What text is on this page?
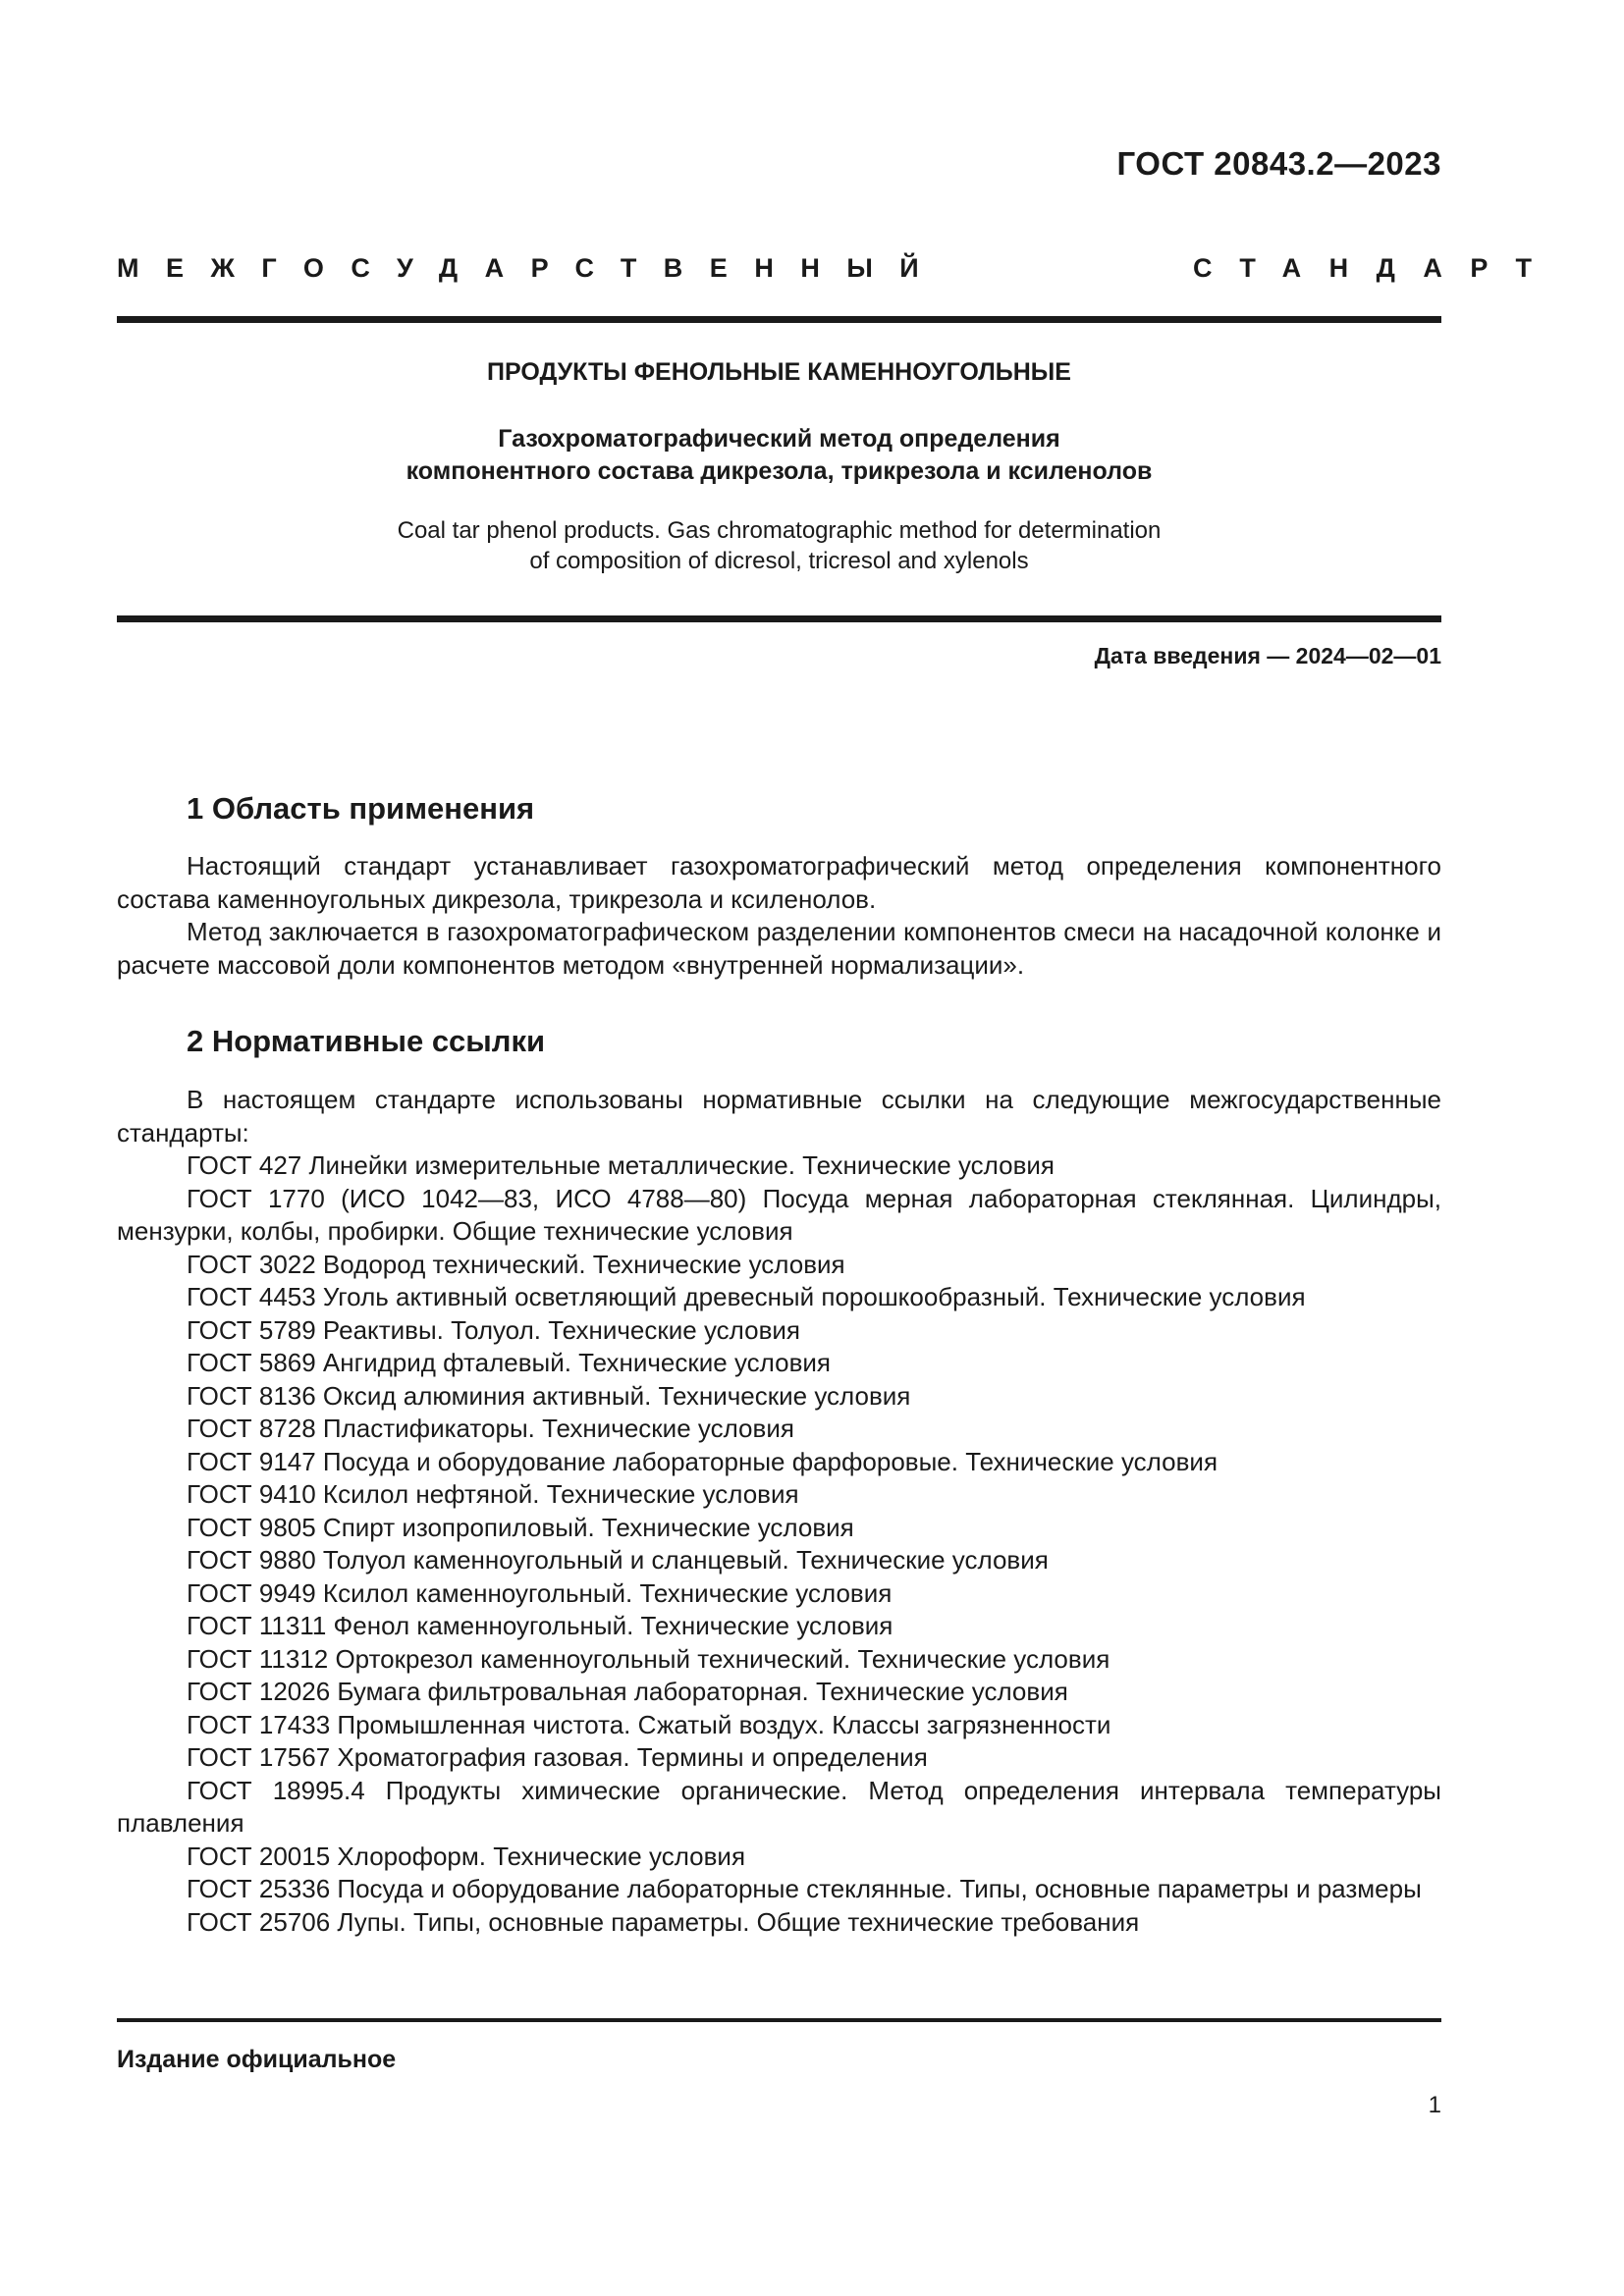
ГОСТ 20843.2—2023
МЕЖГОСУДАРСТВЕННЫЙ	СТАНДАРТ
ПРОДУКТЫ ФЕНОЛЬНЫЕ КАМЕННОУГОЛЬНЫЕ
Газохроматографический метод определения
компонентного состава дикрезола, трикрезола и ксиленолов
Coal tar phenol products. Gas chromatographic method for determination
of composition of dicresol, tricresol and xylenols
Дата введения — 2024—02—01
1 Область применения

Настоящий стандарт устанавливает газохроматографический метод определения компонентного состава каменноугольных дикрезола, трикрезола и ксиленолов.

Метод заключается в газохроматографическом разделении компонентов смеси на насадочной колонке и расчете массовой доли компонентов методом «внутренней нормализации».

2 Нормативные ссылки

В настоящем стандарте использованы нормативные ссылки на следующие межгосударственные стандарты:

ГОСТ 427 Линейки измерительные металлические. Технические условия

ГОСТ 1770 (ИСО 1042—83, ИСО 4788—80) Посуда мерная лабораторная стеклянная. Цилиндры, мензурки, колбы, пробирки. Общие технические условия

ГОСТ 3022 Водород технический. Технические условия

ГОСТ 4453 Уголь активный осветляющий древесный порошкообразный. Технические условия

ГОСТ 5789 Реактивы. Толуол. Технические условия

ГОСТ 5869 Ангидрид фталевый. Технические условия

ГОСТ 8136 Оксид алюминия активный. Технические условия

ГОСТ 8728 Пластификаторы. Технические условия

ГОСТ 9147 Посуда и оборудование лабораторные фарфоровые. Технические условия

ГОСТ 9410 Ксилол нефтяной. Технические условия

ГОСТ 9805 Спирт изопропиловый. Технические условия

ГОСТ 9880 Толуол каменноугольный и сланцевый. Технические условия

ГОСТ 9949 Ксилол каменноугольный. Технические условия

ГОСТ 11311 Фенол каменноугольный. Технические условия

ГОСТ 11312 Ортокрезол каменноугольный технический. Технические условия

ГОСТ 12026 Бумага фильтровальная лабораторная. Технические условия

ГОСТ 17433 Промышленная чистота. Сжатый воздух. Классы загрязненности

ГОСТ 17567 Хроматография газовая. Термины и определения

ГОСТ 18995.4 Продукты химические органические. Метод определения интервала температуры плавления

ГОСТ 20015 Хлороформ. Технические условия

ГОСТ 25336 Посуда и оборудование лабораторные стеклянные. Типы, основные параметры и размеры

ГОСТ 25706 Лупы. Типы, основные параметры. Общие технические требования

Издание официальное
1
